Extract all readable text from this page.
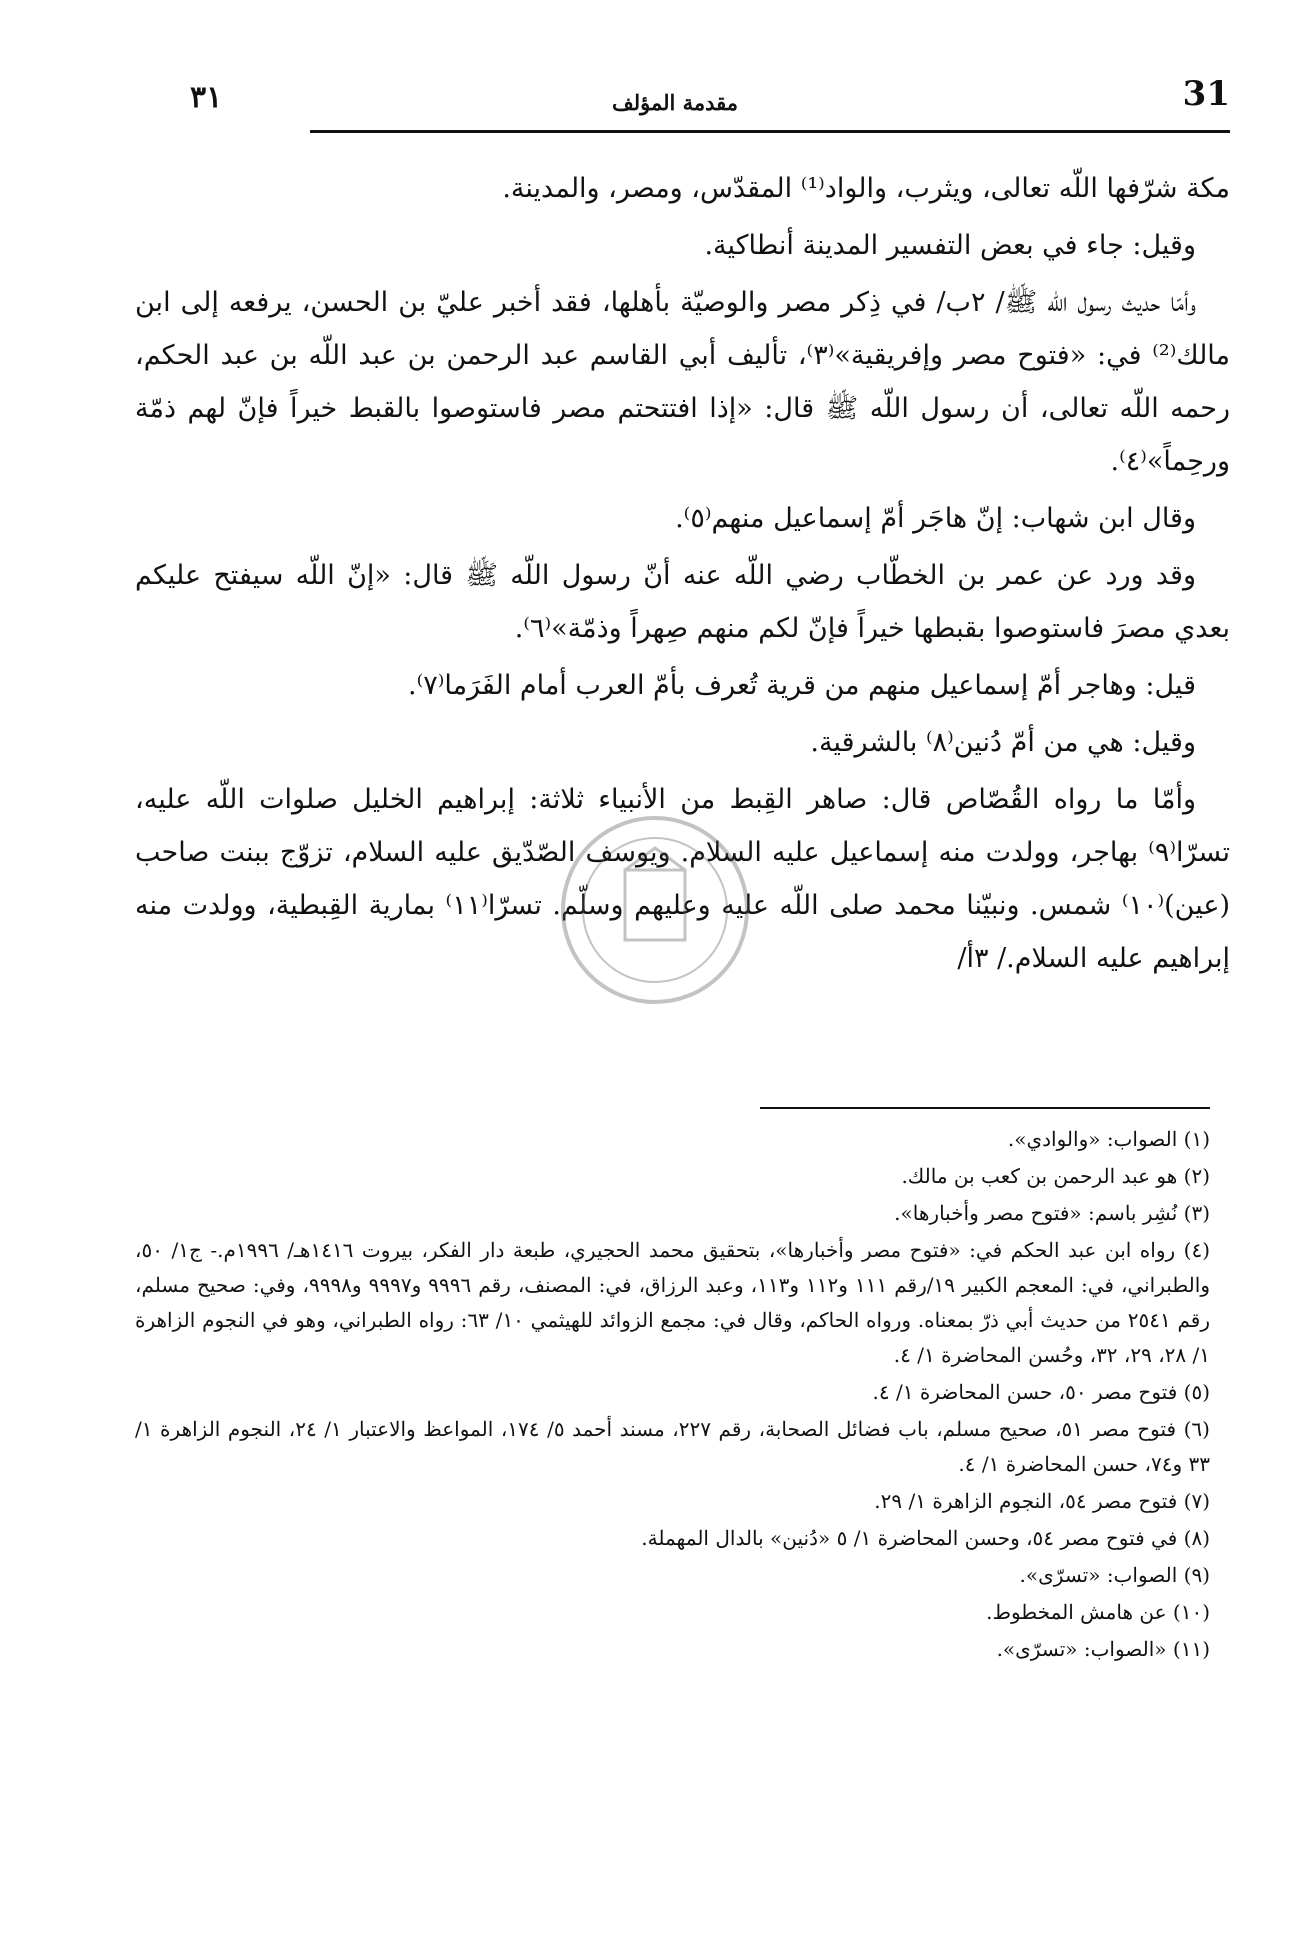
٣١	مقدمة المؤلف	31

مكة شرّفها اللّه تعالى، ويثرب، والواد⁽¹⁾ المقدّس، ومصر، والمدينة.

وقيل: جاء في بعض التفسير المدينة أنطاكية.

وأمّا حديث رسول اللّه ﷺ/ ٢ب/ في ذِكر مصر والوصيّة بأهلها، فقد أخبر عليّ بن الحسن، يرفعه إلى ابن مالك⁽²⁾ في: «فتوح مصر وإفريقية»⁽٣⁾، تأليف أبي القاسم عبد الرحمن بن عبد اللّه بن عبد الحكم، رحمه اللّه تعالى، أن رسول اللّه ﷺ قال: «إذا افتتحتم مصر فاستوصوا بالقبط خيراً فإنّ لهم ذمّة ورحِماً»⁽٤⁾.

وقال ابن شهاب: إنّ هاجَر أمّ إسماعيل منهم⁽٥⁾.

وقد ورد عن عمر بن الخطّاب رضي اللّه عنه أنّ رسول اللّه ﷺ قال: «إنّ اللّه سيفتح عليكم بعدي مصرَ فاستوصوا بقبطها خيراً فإنّ لكم منهم صِهراً وذمّة»⁽٦⁾.

قيل: وهاجر أمّ إسماعيل منهم من قرية تُعرف بأمّ العرب أمام الفَرَما⁽٧⁾.

وقيل: هي من أمّ دُنين⁽٨⁾ بالشرقية.

وأمّا ما رواه القُصّاص قال: صاهر القِبط من الأنبياء ثلاثة: إبراهيم الخليل صلوات اللّه عليه، تسرّا⁽٩⁾ بهاجر، وولدت منه إسماعيل عليه السلام. ويوسف الصّدّيق عليه السلام، تزوّج ببنت صاحب (عين)⁽١٠⁾ شمس. ونبيّنا محمد صلى اللّه عليه وعليهم وسلّم. تسرّا⁽١١⁾ بمارية القِبطية، وولدت منه إبراهيم عليه السلام./ ٣أ/

(١) الصواب: «والوادي».

(٢) هو عبد الرحمن بن كعب بن مالك.

(٣) نُشِر باسم: «فتوح مصر وأخبارها».

(٤) رواه ابن عبد الحكم في: «فتوح مصر وأخبارها»، بتحقيق محمد الحجيري، طبعة دار الفكر، بيروت ١٤١٦هـ/ ١٩٩٦م.- ج١/ ٥٠، والطبراني، في: المعجم الكبير ١٩/رقم ١١١ و١١٢ و١١٣، وعبد الرزاق، في: المصنف، رقم ٩٩٩٦ و٩٩٩٧ و٩٩٩٨، وفي: صحيح مسلم، رقم ٢٥٤١ من حديث أبي ذرّ بمعناه. ورواه الحاكم، وقال في: مجمع الزوائد للهيثمي ١٠/ ٦٣: رواه الطبراني، وهو في النجوم الزاهرة ١/ ٢٨، ٢٩، ٣٢، وحُسن المحاضرة ١/ ٤.

(٥) فتوح مصر ٥٠، حسن المحاضرة ١/ ٤.

(٦) فتوح مصر ٥١، صحيح مسلم، باب فضائل الصحابة، رقم ٢٢٧، مسند أحمد ٥/ ١٧٤، المواعظ والاعتبار ١/ ٢٤، النجوم الزاهرة ١/ ٣٣ و٧٤، حسن المحاضرة ١/ ٤.

(٧) فتوح مصر ٥٤، النجوم الزاهرة ١/ ٢٩.

(٨) في فتوح مصر ٥٤، وحسن المحاضرة ١/ ٥ «دُنين» بالدال المهملة.

(٩) الصواب: «تسرّى».

(١٠) عن هامش المخطوط.

(١١) «الصواب: «تسرّى».
